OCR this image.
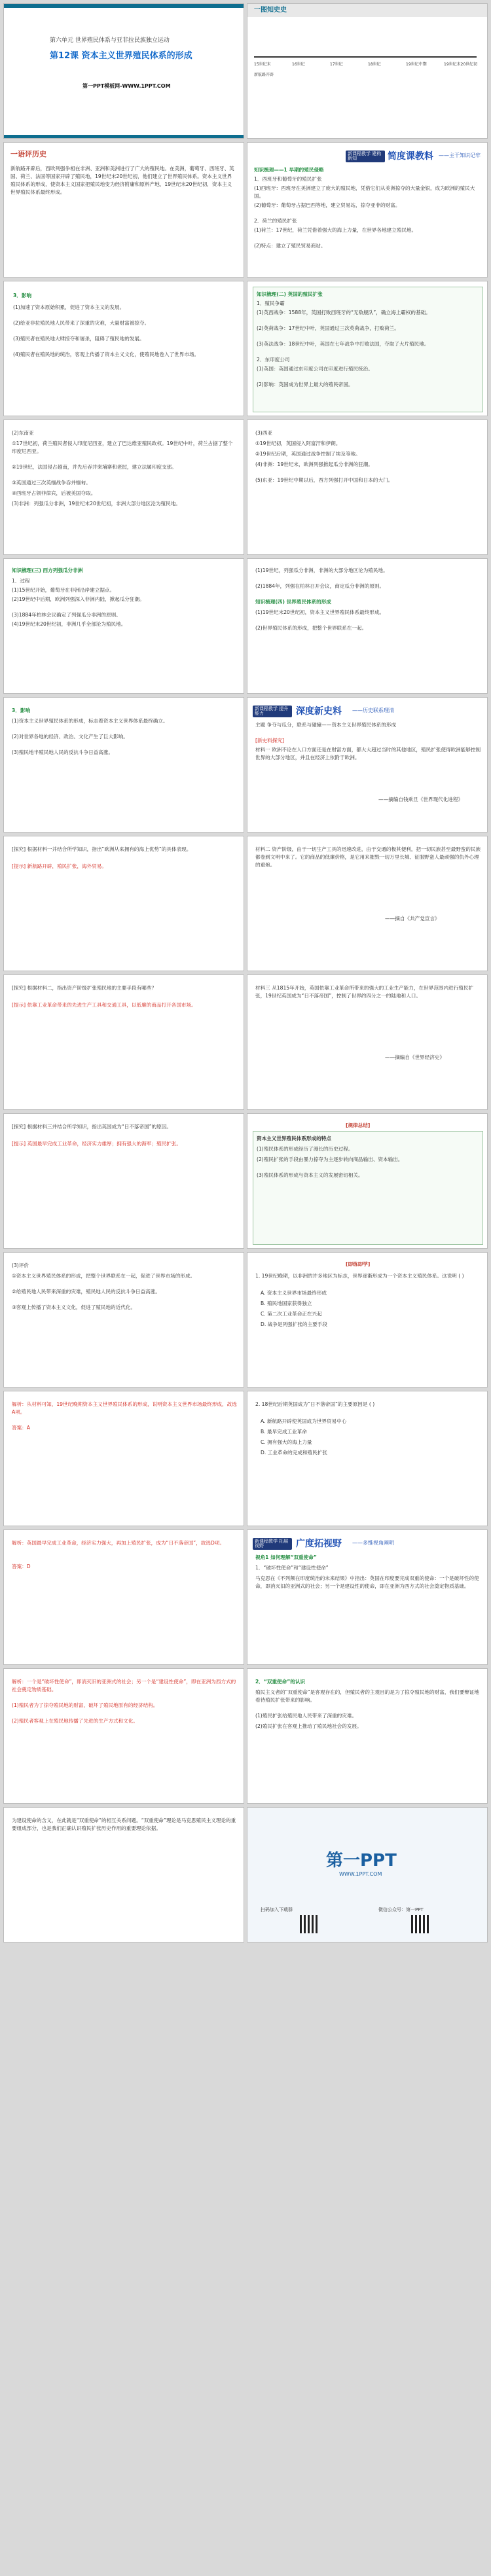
第六单元 世界殖民体系与亚非拉民族独立运动
第12课 资本主义世界殖民体系的形成
第一PPT模板网-WWW.1PPT.COM
一图知史史
15世纪末	16世纪	17世纪	18世纪	19世纪中期	19世纪末20世纪初
新航路开辟
一语评历史
新航路开辟后，西欧列强争相在非洲、亚洲和美洲进行了广大的殖民地。在美洲，葡萄牙、西班牙、英国、荷兰、法国等国家开辟了殖民地，19世纪末20世纪初，他们建立了世界殖民体系。资本主义世界殖民体系的形成，使资本主义国家把殖民地变为经济附庸和原料产地，19世纪末20世纪初，资本主义世界殖民体系最终形成。
新课程教学 建构新知	简度课教料 ——主干知识记牢
知识梳理——1 早期的殖民侵略
1．西班牙和葡萄牙的殖民扩张
(1)西班牙：西班牙在美洲建立了庞大的殖民地，凭借它们从美洲掠夺的大量金银，成为欧洲的殖民大国。
(2)葡萄牙：葡萄牙占据巴西等地，建立贸易站，掠夺亚非的财富。
2．荷兰的殖民扩张
(1)荷兰：17世纪，荷兰凭借着强大的海上力量，在世界各地建立殖民地。
(2)特点：建立了殖民贸易商站。
3．影响
(1)加速了资本原始积累，促进了资本主义的发展。
(2)给亚非拉殖民地人民带来了深重的灾难，大量财富被掠夺。
(3)殖民者在殖民地大肆掠夺和屠杀，阻碍了殖民地的发展。
(4)殖民者在殖民地的统治，客观上传播了资本主义文化，使殖民地卷入了世界市场。
知识梳理(二) 英国的殖民扩张
1．殖民争霸
(1)英西战争：1588年，英国打败西班牙的“无敌舰队”，确立海上霸权的基础。
(2)英荷战争：17世纪中叶，英国通过三次英荷战争，打败荷兰。
(3)英法战争：18世纪中叶，英国在七年战争中打败法国，夺取了大片殖民地。
2．东印度公司
(1)英国：英国通过东印度公司在印度进行殖民统治。
(2)影响：英国成为世界上最大的殖民帝国。
(2)东南亚
①17世纪初，荷兰殖民者侵入印度尼西亚，建立了巴达维亚殖民政权。19世纪中叶，荷兰占据了整个印度尼西亚。
②19世纪，法国侵占越南，并先后吞并柬埔寨和老挝，建立法属印度支那。
③英国通过三次英缅战争吞并缅甸。
④西班牙占领菲律宾，后被美国夺取。
(3)非洲：列强瓜分非洲，19世纪末20世纪初，非洲大部分地区沦为殖民地。
(3)西亚
①19世纪初，英国侵入阿富汗和伊朗。
②19世纪后期，英国通过战争控制了埃及等地。
(4)非洲：19世纪末，欧洲列强掀起瓜分非洲的狂潮。
(5)东亚：19世纪中期以后，西方列强打开中国和日本的大门。
知识梳理(三) 西方列强瓜分非洲
1．过程
(1)15世纪开始，葡萄牙在非洲沿岸建立据点。
(2)19世纪中后期，欧洲列强深入非洲内陆，掀起瓜分狂潮。
(3)1884年柏林会议确定了列强瓜分非洲的原则。
(4)19世纪末20世纪初，非洲几乎全部沦为殖民地。
(1)19世纪，列强瓜分非洲，非洲的大部分地区沦为殖民地。
(2)1884年，列强在柏林召开会议，商定瓜分非洲的原则。
知识梳理(四) 世界殖民体系的形成
(1)19世纪末20世纪初，资本主义世界殖民体系最终形成。
(2)世界殖民体系的形成，把整个世界联系在一起。
3．影响
(1)资本主义世界殖民体系的形成，标志着资本主义世界体系最终确立。
(2)对世界各地的经济、政治、文化产生了巨大影响。
(3)殖民地半殖民地人民的反抗斗争日益高涨。
新课程教学 提升能力	深度新史料 ——历史联系理清
主题 争夺与瓜分，联系与碰撞——资本主义世界殖民体系的形成
[新史料探究]
材料一 欧洲不论在人口方面还是在财富方面，都大大超过当时的其他地区，殖民扩张使得欧洲能够控制世界的大部分地区，并且在经济上依附于欧洲。
——摘编自钱乘旦《世界现代化进程》
[探究] 根据材料一并结合所学知识，指出“欧洲从来拥有的海上优势”的具体表现。
[提示] 新航路开辟，殖民扩张，海外贸易。
材料二 资产阶级，由于一切生产工具的迅速改进，由于交通的极其便利，把一切民族甚至最野蛮的民族都卷到文明中来了。它的商品的低廉价格，是它用来摧毁一切万里长城、征服野蛮人最顽强的仇外心理的重炮。
——摘自《共产党宣言》
[探究] 根据材料二，指出资产阶级扩张殖民地的主要手段有哪些？
[提示] 依靠工业革命带来的先进生产工具和交通工具，以低廉的商品打开各国市场。
材料三 从1815年开始，英国依靠工业革命所带来的强大的工业生产能力，在世界范围内进行殖民扩张，19世纪英国成为“日不落帝国”，控制了世界约四分之一的陆地和人口。
——摘编自《世界经济史》
[探究] 根据材料三并结合所学知识，指出英国成为“日不落帝国”的原因。
[提示] 英国最早完成工业革命，经济实力雄厚；拥有强大的海军；殖民扩张。
[规律总结]
资本主义世界殖民体系形成的特点
(1)殖民体系的形成经历了漫长的历史过程。
(2)殖民扩张的手段由暴力掠夺为主逐步转向商品输出、资本输出。
(3)殖民体系的形成与资本主义的发展密切相关。
(3)评价
①资本主义世界殖民体系的形成，把整个世界联系在一起，促进了世界市场的形成。
②给殖民地人民带来深重的灾难，殖民地人民的反抗斗争日益高涨。
③客观上传播了资本主义文化，促进了殖民地的近代化。
[即练即学]
1. 19世纪晚期，以非洲的许多地区为标志，世界逐渐形成为一个资本主义殖民体系。这说明 ( )
A. 资本主义世界市场最终形成
B. 殖民地国家获得独立
C. 第二次工业革命正在兴起
D. 战争是列强扩张的主要手段
解析：从材料可知，19世纪晚期资本主义世界殖民体系的形成，说明资本主义世界市场最终形成，故选A项。
答案：A
2. 18世纪后期英国成为“日不落帝国”的主要原因是 ( )
A. 新航路开辟使英国成为世界贸易中心
B. 最早完成工业革命
C. 拥有强大的海上力量
D. 工业革命的完成和殖民扩张
解析：英国最早完成工业革命，经济实力强大，再加上殖民扩张，成为“日不落帝国”，故选D项。
答案：D
新课程教学 拓展视野	广度拓视野 ——多维视角阐明
视角1 如何理解“双重使命”
1．“破坏性使命”和“建设性使命”
马克思在《不列颠在印度统治的未来结果》中指出：英国在印度要完成双重的使命：一个是破坏性的使命，即消灭旧的亚洲式的社会；另一个是建设性的使命，即在亚洲为西方式的社会奠定物质基础。
解析：一个是“破坏性使命”，即消灭旧的亚洲式的社会；另一个是“建设性使命”，即在亚洲为西方式的社会奠定物质基础。
(1)殖民者为了掠夺殖民地的财富，破坏了殖民地原有的经济结构。
(2)殖民者客观上在殖民地传播了先进的生产方式和文化。
2．“双重使命”的认识
殖民主义者的“双重使命”是客观存在的，但殖民者的主观目的是为了掠夺殖民地的财富，我们要辩证地看待殖民扩张带来的影响。
(1)殖民扩张给殖民地人民带来了深重的灾难。
(2)殖民扩张在客观上推动了殖民地社会的发展。
为建设使命的含义，在此就是“双重使命”的相互关系问题。“双重使命”理论是马克思殖民主义理论的重要组成部分，也是我们正确认识殖民扩张历史作用的重要理论依据。
第一PPT
WWW.1PPT.COM
扫码加入下载群	微信公众号：第一PPT
